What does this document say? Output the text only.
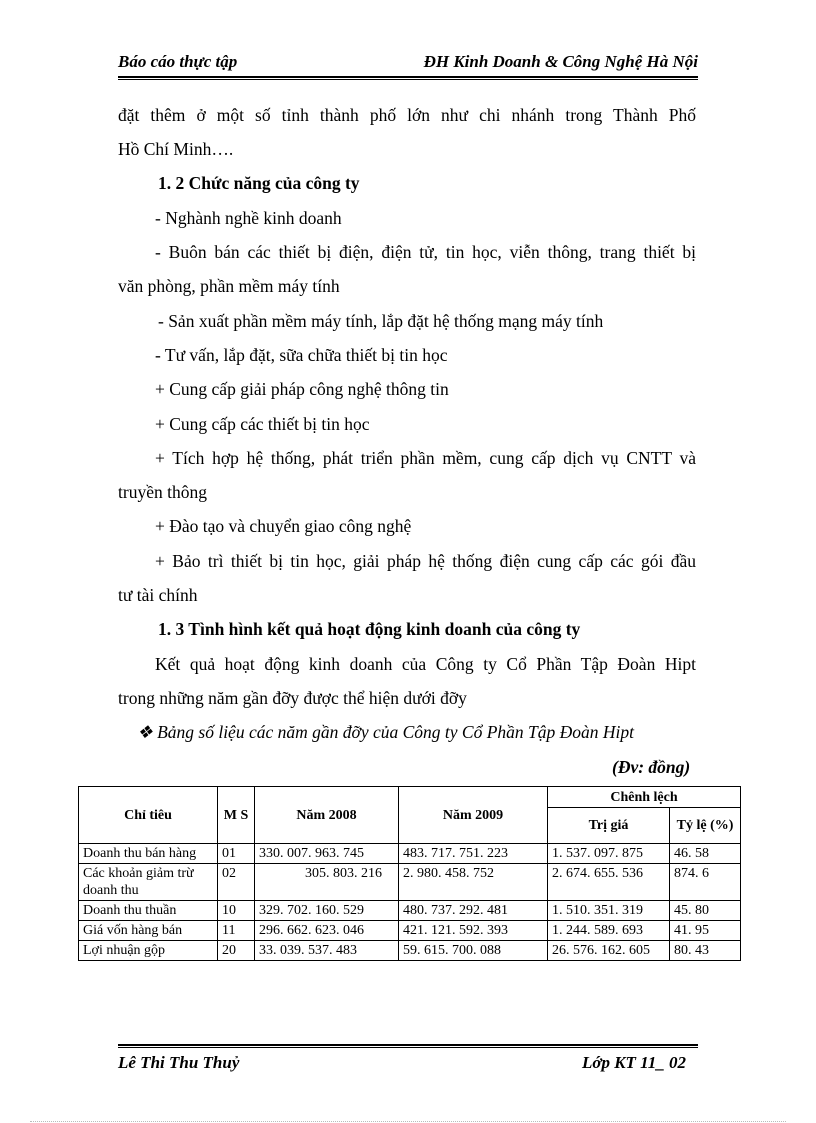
Báo cáo thực tập	ĐH Kinh Doanh & Công Nghệ Hà Nội
đặt thêm ở một số tỉnh thành phố lớn như chi nhánh trong Thành Phố
Hồ Chí Minh….
1. 2 Chức năng của công ty
- Nghành nghề kinh doanh
- Buôn bán các thiết bị điện, điện tử, tin học, viễn thông, trang thiết bị
văn phòng, phần mềm máy tính
- Sản xuất phần mềm máy tính, lắp đặt hệ thống mạng máy tính
- Tư vấn, lắp đặt, sữa chữa thiết bị tin học
+ Cung cấp giải pháp công nghệ thông tin
+ Cung cấp các thiết bị tin học
+ Tích hợp hệ thống, phát triển phần mềm, cung cấp dịch vụ CNTT và
truyền thông
+ Đào tạo và chuyển giao công nghệ
+ Bảo trì thiết bị tin học, giải pháp hệ thống điện cung cấp các gói đầu
tư tài chính
1. 3 Tình hình kết quả hoạt động kinh doanh của công ty
Kết quả hoạt động kinh doanh của Công ty Cổ Phần Tập Đoàn Hipt
trong những năm gần đỡy được thể hiện dưới đỡy
❖ Bảng số liệu các năm gần đỡy của Công ty Cổ Phần Tập Đoàn Hipt
(Đv: đồng)
Chỉ tiêu	M S	Năm 2008	Năm 2009	Chênh lệch	
				Trị giá	Tỷ lệ (%)
Doanh thu bán hàng	01	330. 007. 963. 745	483. 717. 751. 223	1. 537. 097. 875	46. 58
Các khoản giảm trừ doanh thu	02	305. 803. 216	2. 980. 458. 752	2. 674. 655. 536	874. 6
Doanh thu thuần	10	329. 702. 160. 529	480. 737. 292. 481	1. 510. 351. 319	45. 80
Giá vốn hàng bán	11	296. 662. 623. 046	421. 121. 592. 393	1. 244. 589. 693	41. 95
Lợi nhuận gộp	20	33. 039. 537. 483	59. 615. 700. 088	26. 576. 162. 605	80. 43
Lê Thi Thu Thuỷ	Lớp KT 11_ 02
